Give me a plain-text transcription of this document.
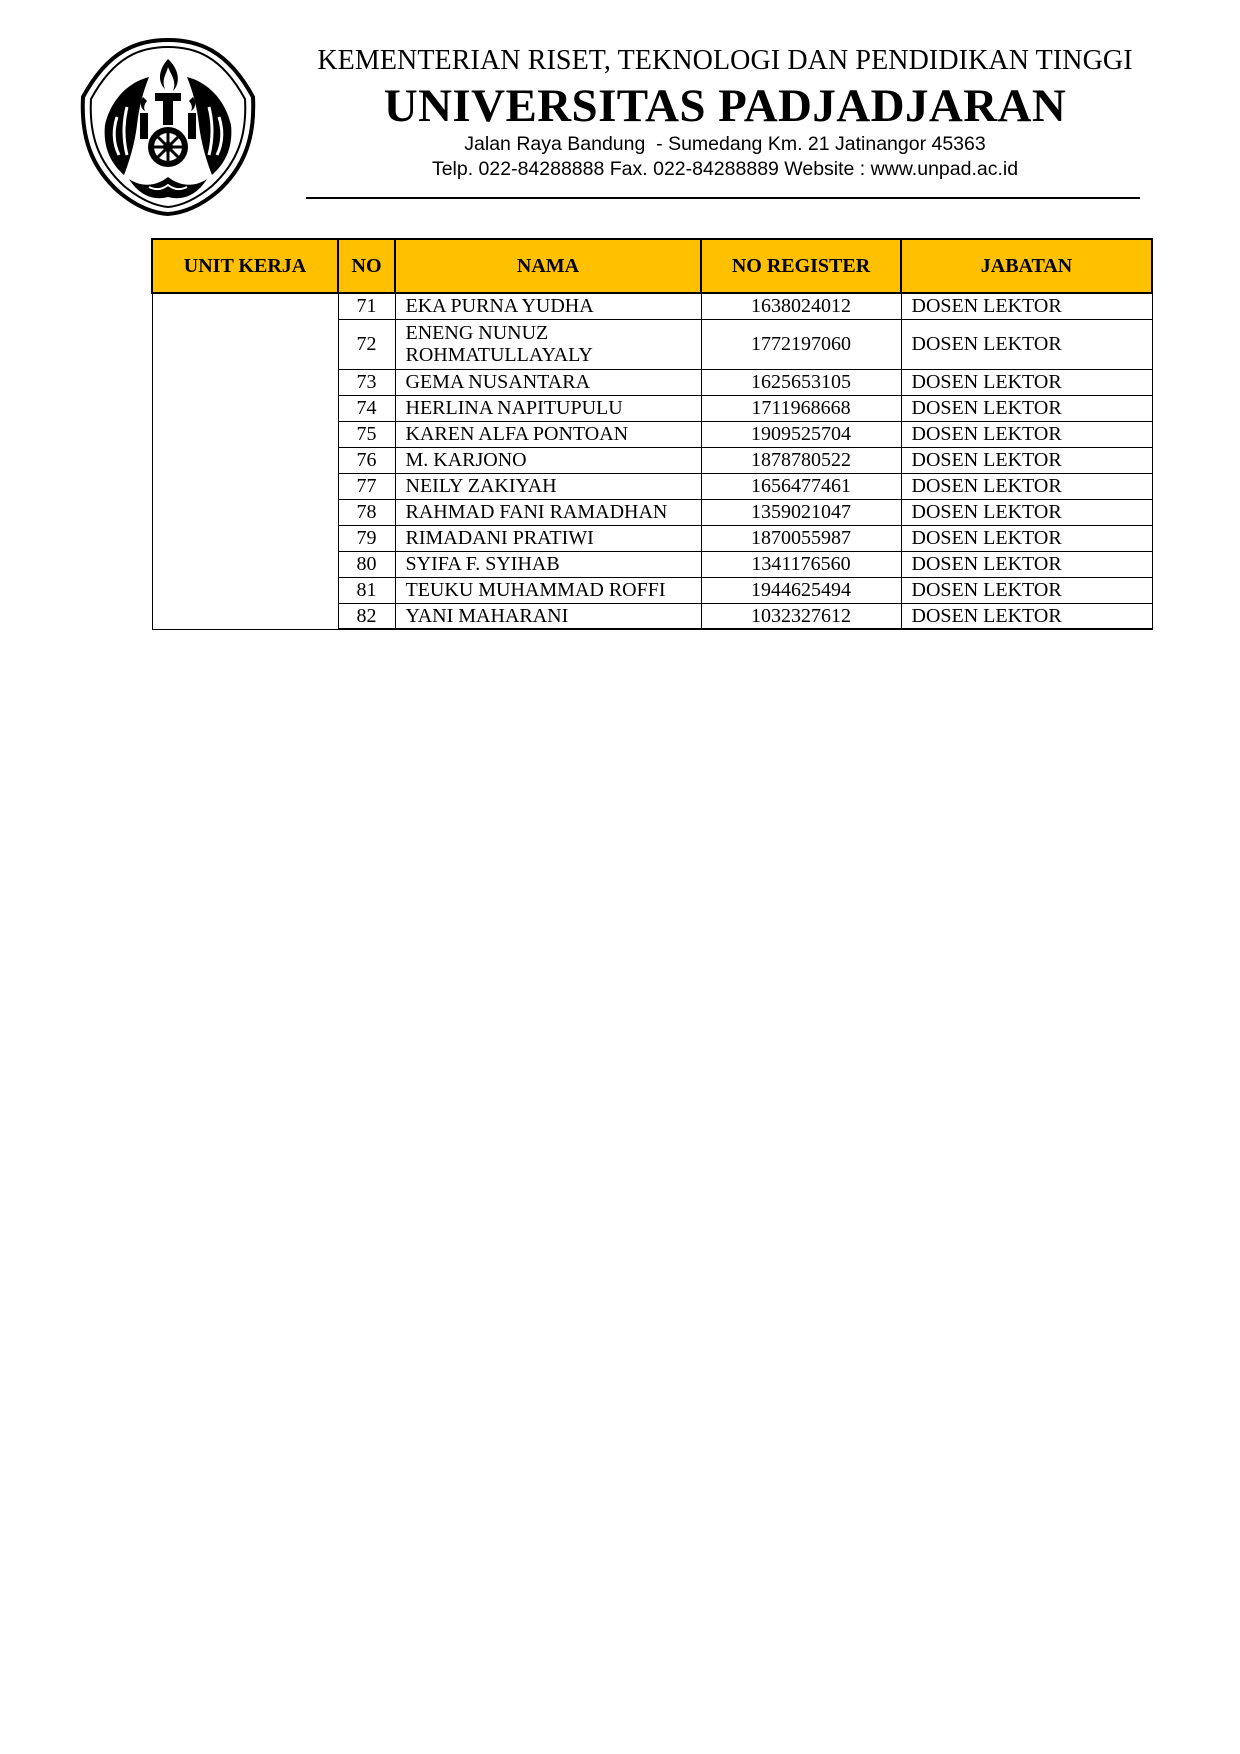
KEMENTERIAN RISET, TEKNOLOGI DAN PENDIDIKAN TINGGI
UNIVERSITAS PADJADJARAN
Jalan Raya Bandung  - Sumedang Km. 21 Jatinangor 45363
Telp. 022-84288888 Fax. 022-84288889 Website : www.unpad.ac.id
UNIT KERJA	NO	NAMA	NO REGISTER	JABATAN
	71	EKA PURNA YUDHA	1638024012	DOSEN LEKTOR
	72	ENENG NUNUZ ROHMATULLAYALY	1772197060	DOSEN LEKTOR
	73	GEMA NUSANTARA	1625653105	DOSEN LEKTOR
	74	HERLINA NAPITUPULU	1711968668	DOSEN LEKTOR
	75	KAREN ALFA PONTOAN	1909525704	DOSEN LEKTOR
	76	M. KARJONO	1878780522	DOSEN LEKTOR
	77	NEILY ZAKIYAH	1656477461	DOSEN LEKTOR
	78	RAHMAD FANI RAMADHAN	1359021047	DOSEN LEKTOR
	79	RIMADANI PRATIWI	1870055987	DOSEN LEKTOR
	80	SYIFA F. SYIHAB	1341176560	DOSEN LEKTOR
	81	TEUKU MUHAMMAD ROFFI	1944625494	DOSEN LEKTOR
	82	YANI MAHARANI	1032327612	DOSEN LEKTOR
